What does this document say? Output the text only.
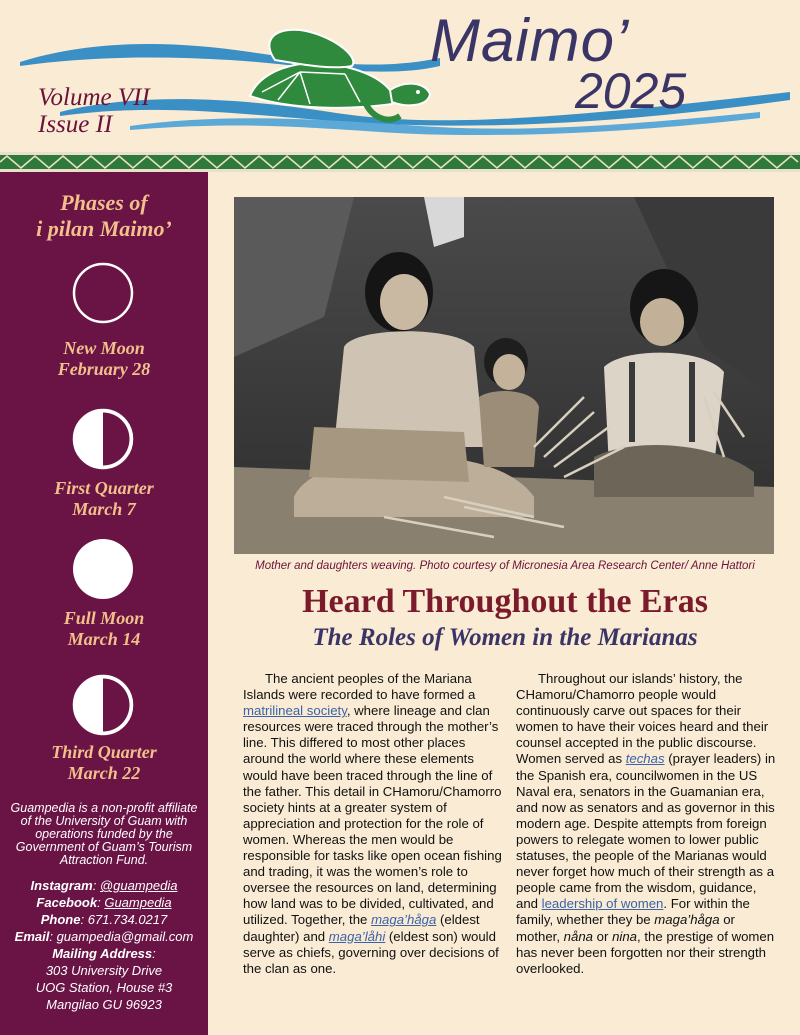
Volume VII
Issue II
Maimo’
2025
Phases of
i pilan Maimo’
New Moon
February 28
First Quarter
March 7
Full Moon
March 14
Third Quarter
March 22
Guampedia is a non-profit affiliate of the University of Guam with operations funded by the Government of Guam’s Tourism Attraction Fund.
Instagram: @guampedia
Facebook: Guampedia
Phone: 671.734.0217
Email: guampedia@gmail.com
Mailing Address:
303 University Drive
UOG Station, House #3
Mangilao GU 96923
Mother and daughters weaving. Photo courtesy of Micronesia Area Research Center/ Anne Hattori
Heard Throughout the Eras
The Roles of Women in the Marianas
The ancient peoples of the Mariana Islands were recorded to have formed a matrilineal society, where lineage and clan resources were traced through the mother’s line. This differed to most other places around the world where these elements would have been traced through the line of the father. This detail in CHamoru/Chamorro society hints at a greater system of appreciation and protection for the role of women. Whereas the men would be responsible for tasks like open ocean fishing and trading, it was the women’s role to oversee the resources on land, determining how land was to be divided, cultivated, and utilized. Together, the maga’håga (eldest daughter) and maga’låhi (eldest son) would serve as chiefs, governing over decisions of the clan as one.
Throughout our islands’ history, the CHamoru/Chamorro people would continuously carve out spaces for their women to have their voices heard and their counsel accepted in the public discourse. Women served as techas (prayer leaders) in the Spanish era, councilwomen in the US Naval era, senators in the Guamanian era, and now as senators and as governor in this modern age. Despite attempts from foreign powers to relegate women to lower public statuses, the people of the Marianas would never forget how much of their strength as a people came from the wisdom, guidance, and leadership of women. For within the family, whether they be maga’håga or mother, nåna or nina, the prestige of women has never been forgotten nor their strength overlooked.
